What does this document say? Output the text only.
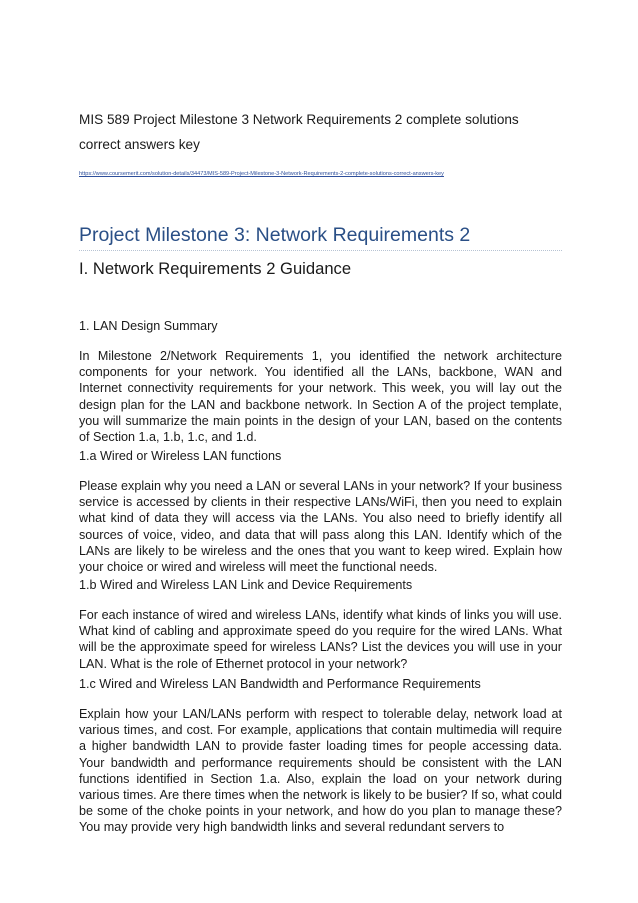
MIS 589 Project Milestone 3 Network Requirements 2 complete solutions correct answers key

https://www.coursemerit.com/solution-details/34473/MIS-589-Project-Milestone-3-Network-Requirements-2-complete-solutions-correct-answers-key
Project Milestone 3: Network Requirements 2
I. Network Requirements 2 Guidance

1. LAN Design Summary

In Milestone 2/Network Requirements 1, you identified the network architecture components for your network. You identified all the LANs, backbone, WAN and Internet connectivity requirements for your network. This week, you will lay out the design plan for the LAN and backbone network. In Section A of the project template, you will summarize the main points in the design of your LAN, based on the contents of Section 1.a, 1.b, 1.c, and 1.d.

1.a Wired or Wireless LAN functions

Please explain why you need a LAN or several LANs in your network? If your business service is accessed by clients in their respective LANs/WiFi, then you need to explain what kind of data they will access via the LANs. You also need to briefly identify all sources of voice, video, and data that will pass along this LAN. Identify which of the LANs are likely to be wireless and the ones that you want to keep wired. Explain how your choice or wired and wireless will meet the functional needs.

1.b Wired and Wireless LAN Link and Device Requirements

For each instance of wired and wireless LANs, identify what kinds of links you will use. What kind of cabling and approximate speed do you require for the wired LANs. What will be the approximate speed for wireless LANs? List the devices you will use in your LAN. What is the role of Ethernet protocol in your network?

1.c Wired and Wireless LAN Bandwidth and Performance Requirements

Explain how your LAN/LANs perform with respect to tolerable delay, network load at various times, and cost. For example, applications that contain multimedia will require a higher bandwidth LAN to provide faster loading times for people accessing data. Your bandwidth and performance requirements should be consistent with the LAN functions identified in Section 1.a. Also, explain the load on your network during various times. Are there times when the network is likely to be busier? If so, what could be some of the choke points in your network, and how do you plan to manage these? You may provide very high bandwidth links and several redundant servers to
